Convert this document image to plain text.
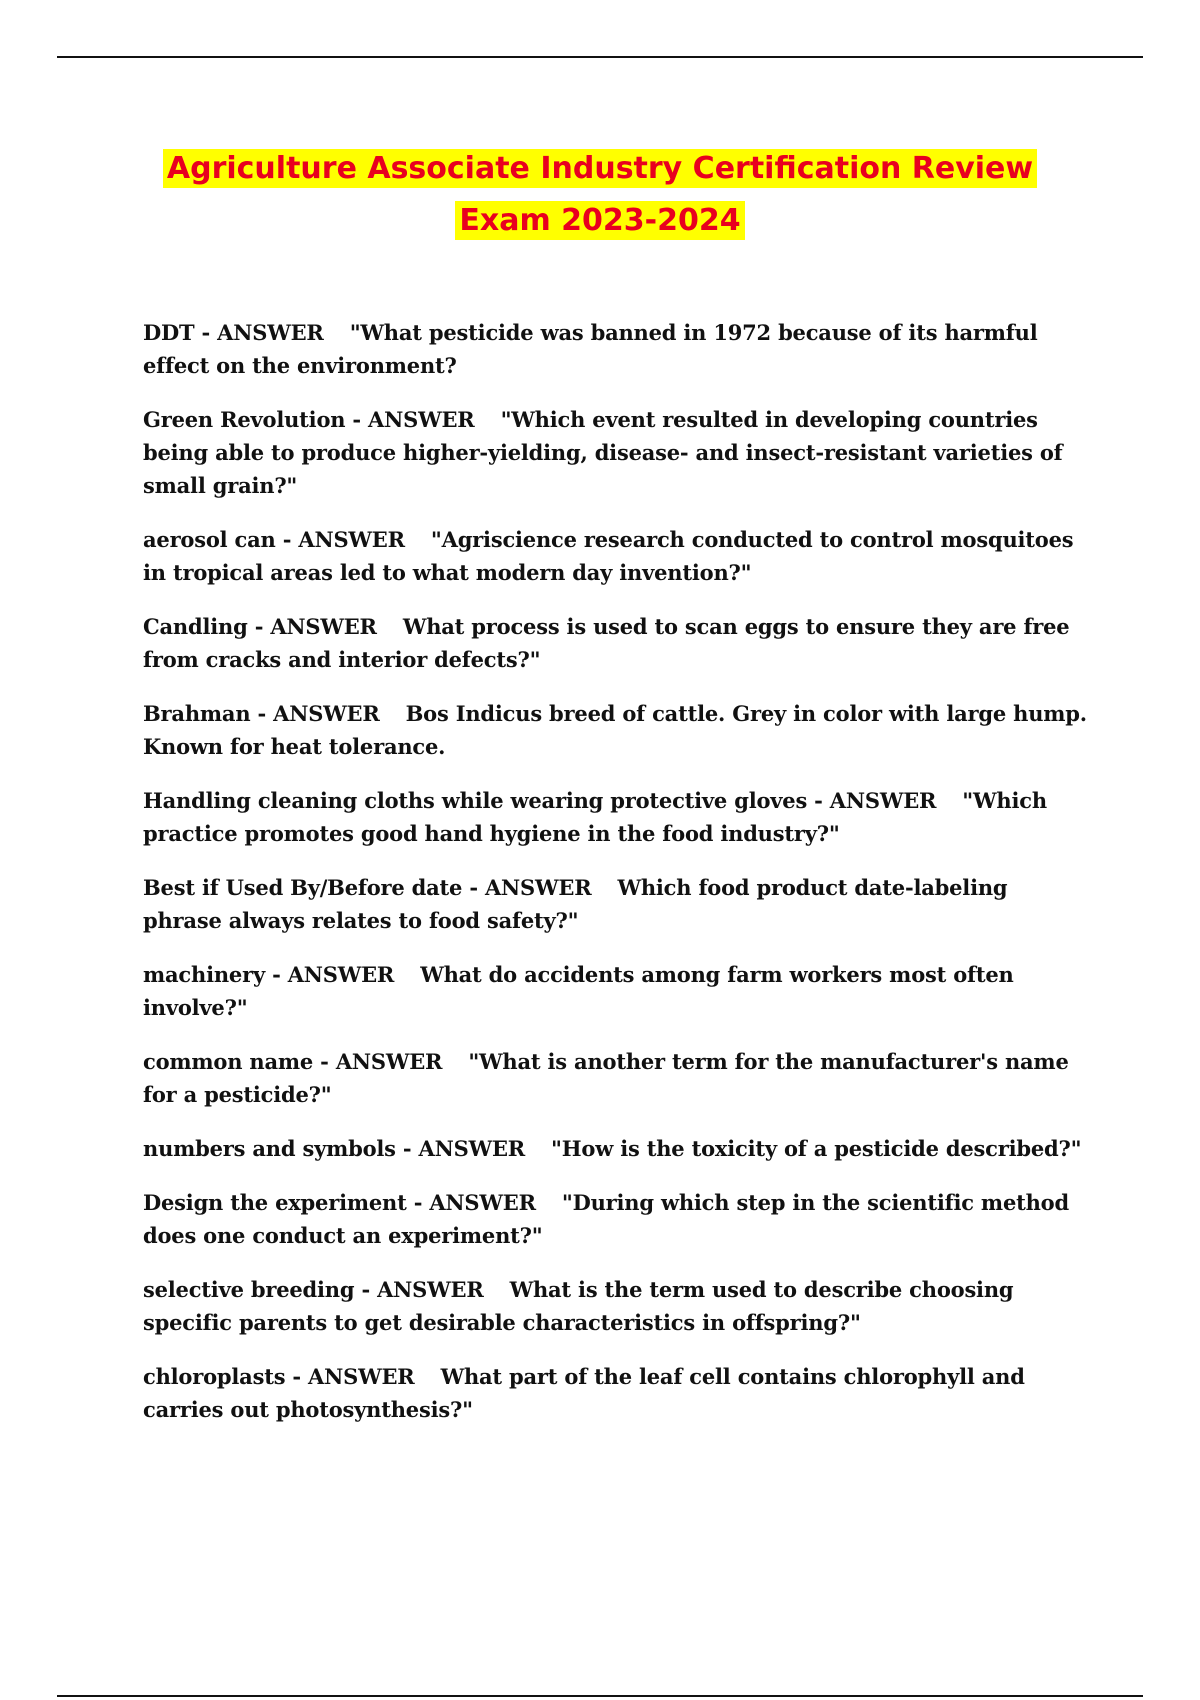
Agriculture Associate Industry Certification Review
Exam 2023-2024
DDT - ANSWER "What pesticide was banned in 1972 because of its harmful effect on the environment?
Green Revolution - ANSWER "Which event resulted in developing countries being able to produce higher-yielding, disease- and insect-resistant varieties of small grain?"
aerosol can - ANSWER "Agriscience research conducted to control mosquitoes in tropical areas led to what modern day invention?"
Candling - ANSWER What process is used to scan eggs to ensure they are free from cracks and interior defects?"
Brahman - ANSWER Bos Indicus breed of cattle. Grey in color with large hump. Known for heat tolerance.
Handling cleaning cloths while wearing protective gloves - ANSWER "Which practice promotes good hand hygiene in the food industry?"
Best if Used By/Before date - ANSWER Which food product date-labeling phrase always relates to food safety?"
machinery - ANSWER What do accidents among farm workers most often involve?"
common name - ANSWER "What is another term for the manufacturer's name for a pesticide?"
numbers and symbols - ANSWER "How is the toxicity of a pesticide described?"
Design the experiment - ANSWER "During which step in the scientific method does one conduct an experiment?"
selective breeding - ANSWER What is the term used to describe choosing specific parents to get desirable characteristics in offspring?"
chloroplasts - ANSWER What part of the leaf cell contains chlorophyll and carries out photosynthesis?"
